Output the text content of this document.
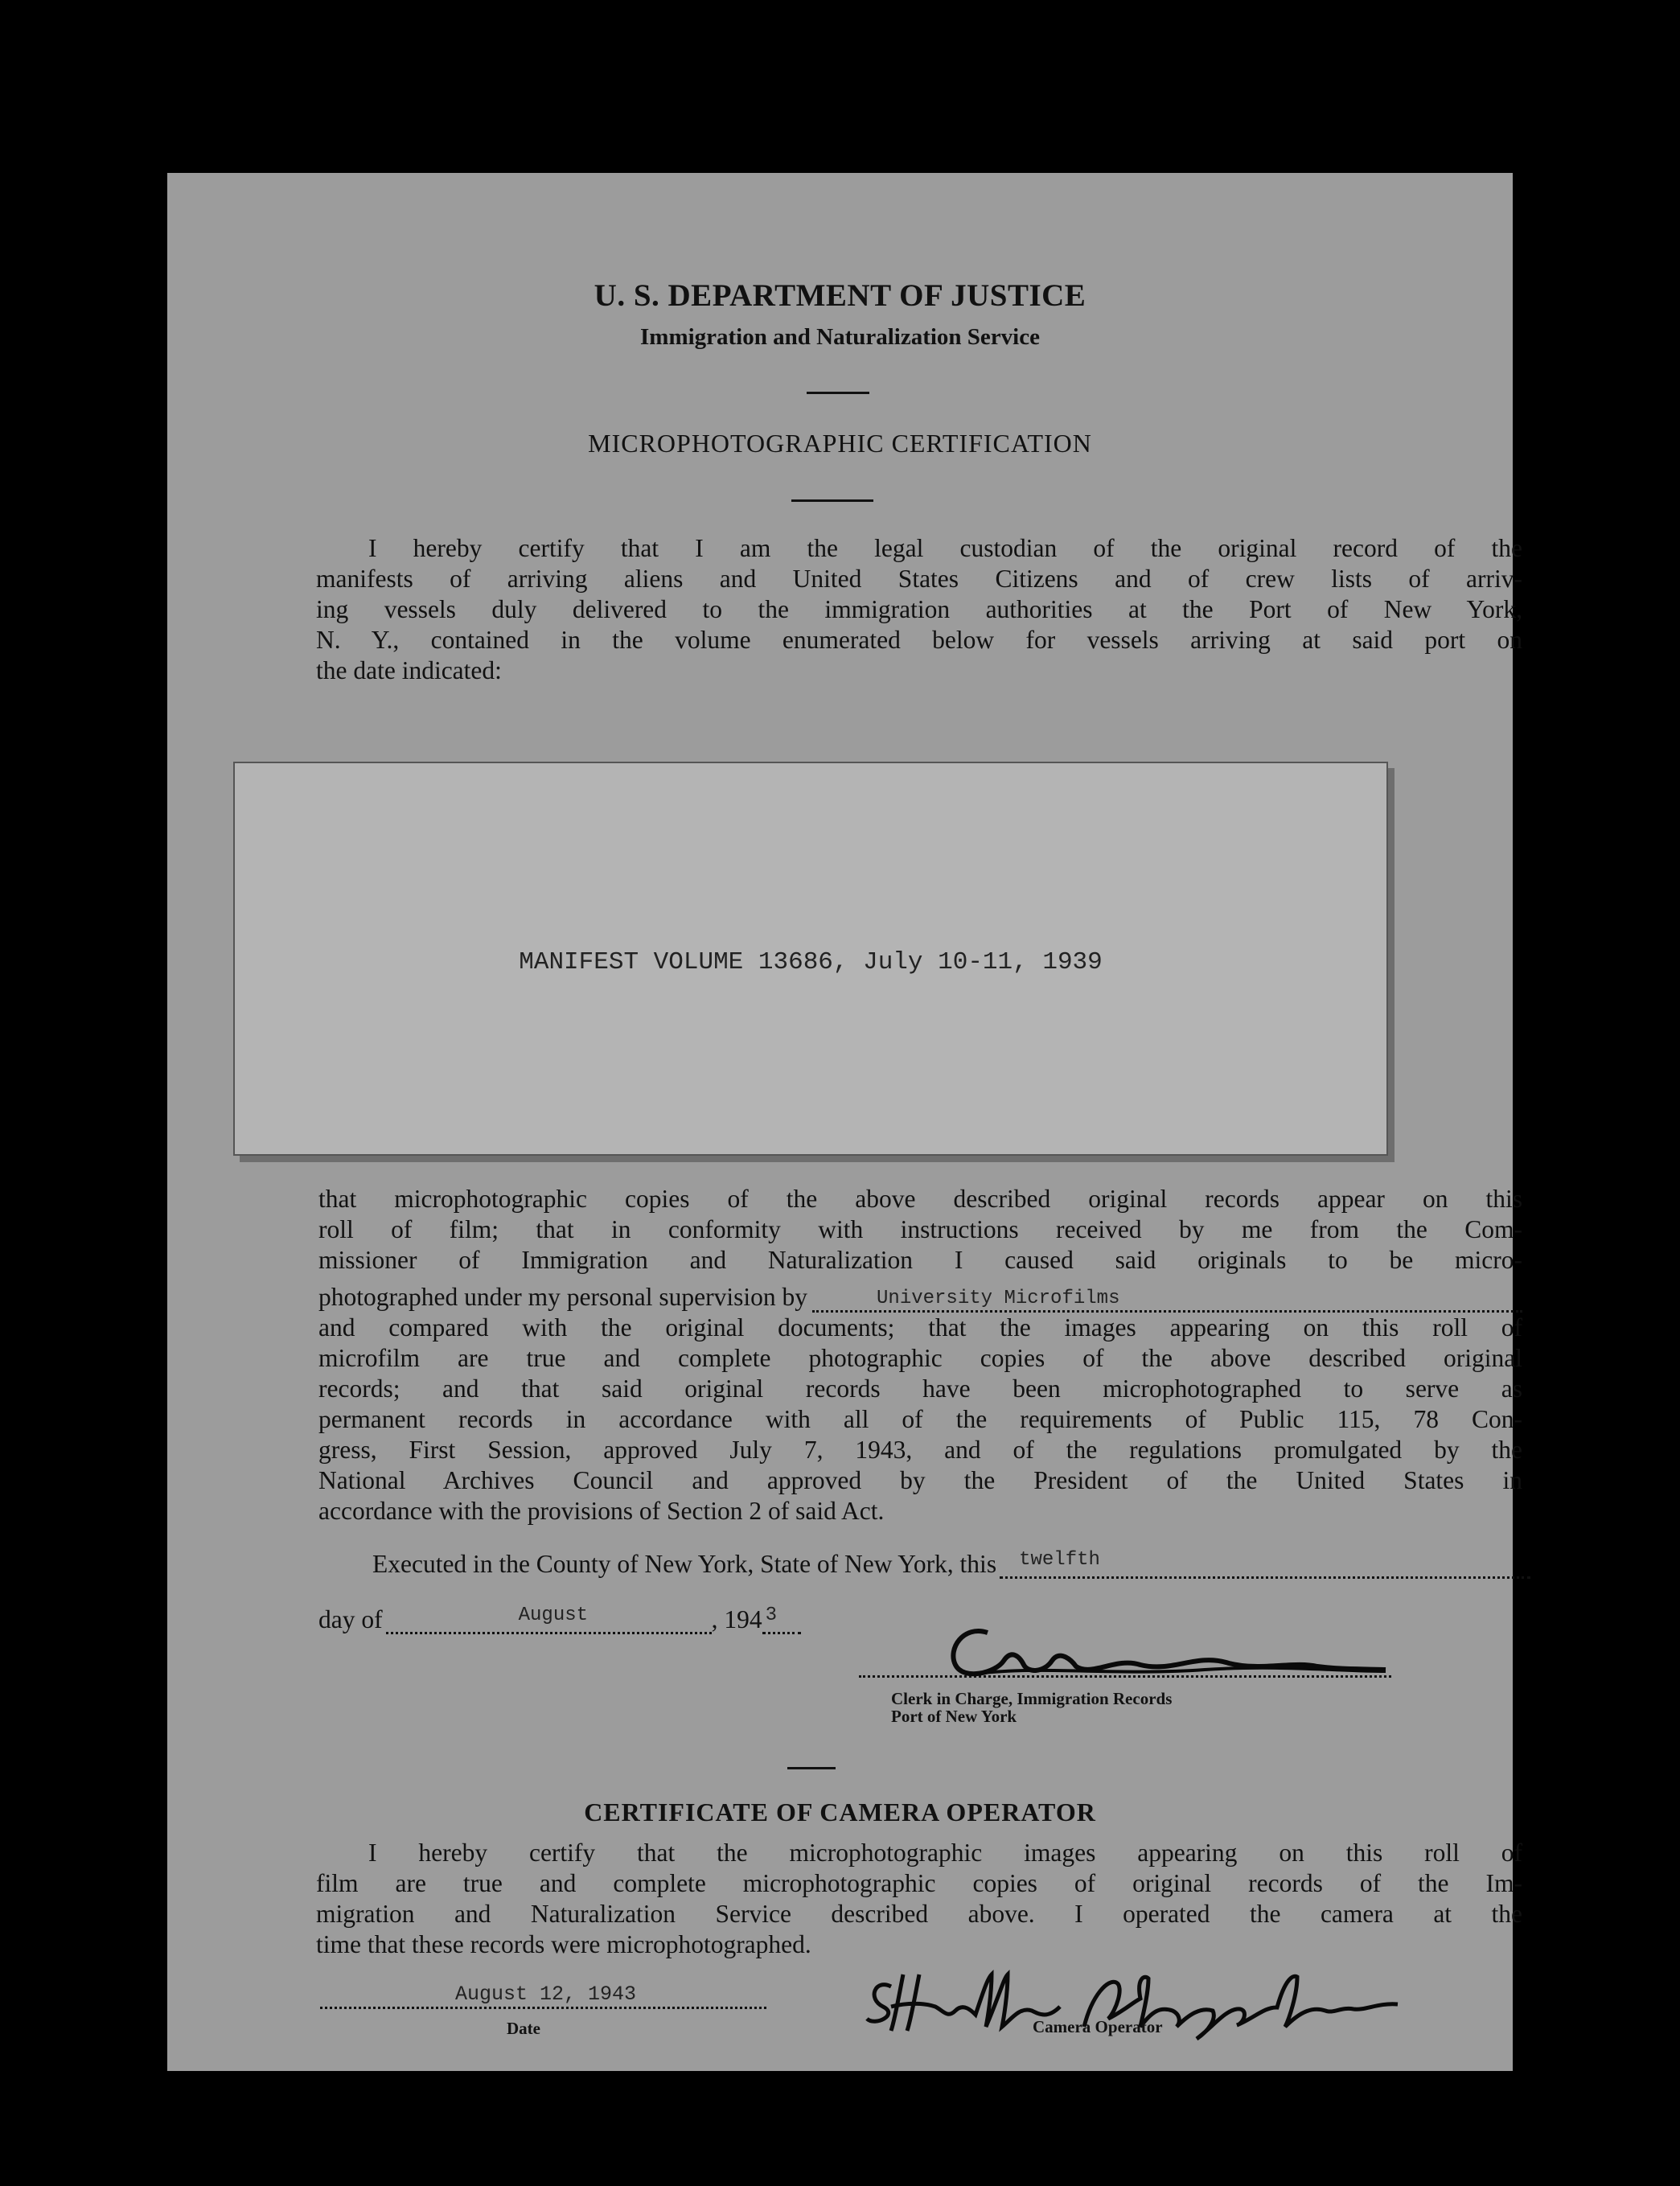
U. S. DEPARTMENT OF JUSTICE
Immigration and Naturalization Service
MICROPHOTOGRAPHIC CERTIFICATION
I hereby certify that I am the legal custodian of the original record of the
manifests of arriving aliens and United States Citizens and of crew lists of arriv-
ing vessels duly delivered to the immigration authorities at the Port of New York,
N. Y., contained in the volume enumerated below for vessels arriving at said port on
the date indicated:
MANIFEST VOLUME 13686, July 10-11, 1939
that microphotographic copies of the above described original records appear on this
roll of film; that in conformity with instructions received by me from the Com-
missioner of Immigration and Naturalization I caused said originals to be micro-
photographed under my personal supervision by	$^{University Microfilms}$
and compared with the original documents; that the images appearing on this roll of
microfilm are true and complete photographic copies of the above described original
records; and that said original records have been microphotographed to serve as
permanent records in accordance with all of the requirements of Public 115, 78 Con-
gress, First Session, approved July 7, 1943, and of the regulations promulgated by the
National Archives Council and approved by the President of the United States in
accordance with the provisions of Section 2 of said Act.
Executed in the County of New York, State of New York, this twelfth
day of	August	, 194 3
Clerk in Charge, Immigration Records
Port of New York
CERTIFICATE OF CAMERA OPERATOR
I hereby certify that the microphotographic images appearing on this roll of
film are true and complete microphotographic copies of original records of the Im-
migration and Naturalization Service described above. I operated the camera at the
time that these records were microphotographed.
August 12, 1943
Date	Camera Operator
